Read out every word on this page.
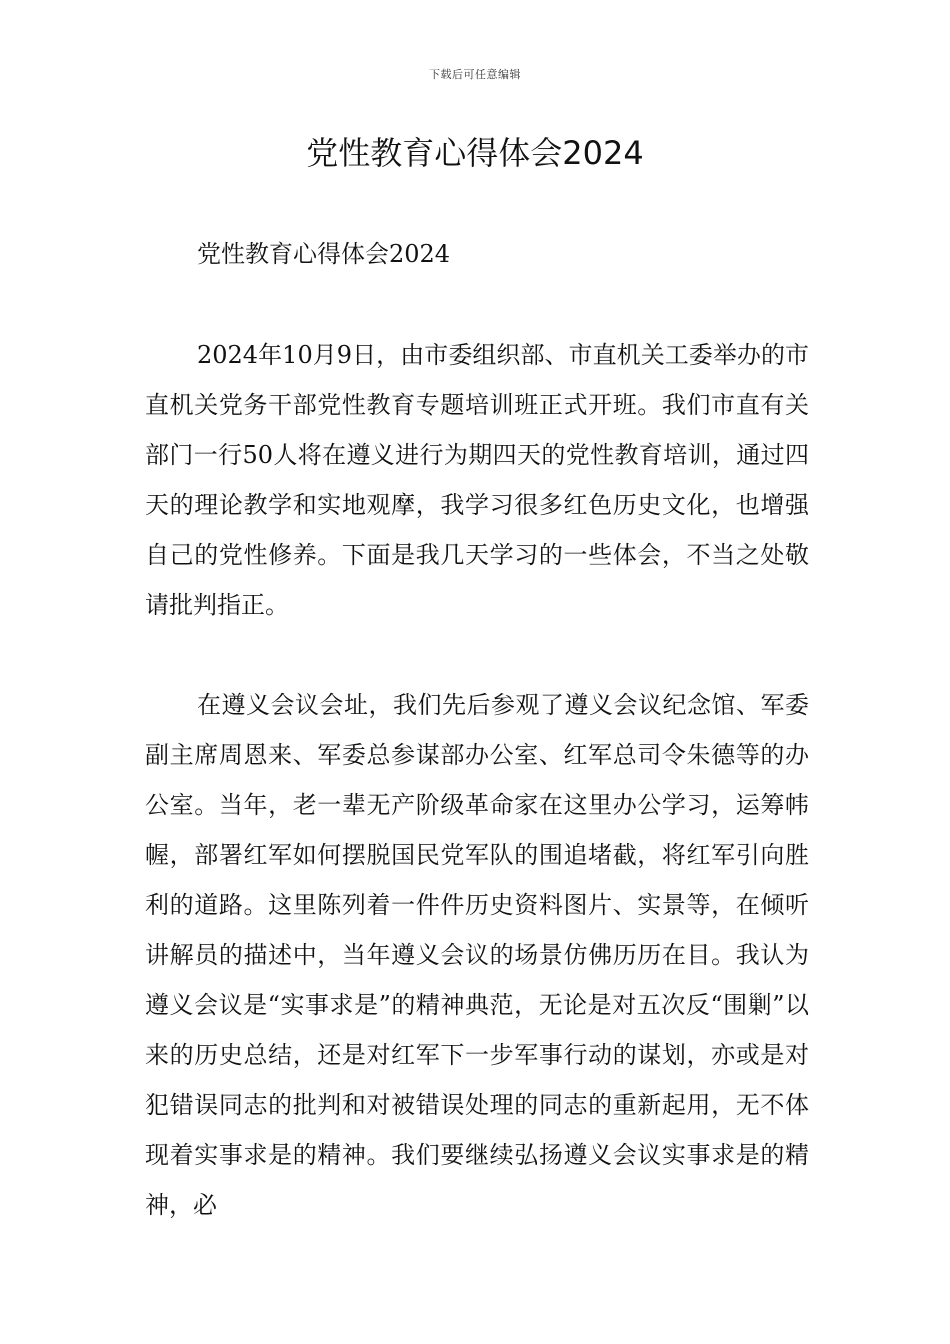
下载后可任意编辑
党性教育心得体会2024

党性教育心得体会2024

2024年10月9日，由市委组织部、市直机关工委举办的市直机关党务干部党性教育专题培训班正式开班。我们市直有关部门一行50人将在遵义进行为期四天的党性教育培训，通过四天的理论教学和实地观摩，我学习很多红色历史文化，也增强自己的党性修养。下面是我几天学习的一些体会，不当之处敬请批判指正。

在遵义会议会址，我们先后参观了遵义会议纪念馆、军委副主席周恩来、军委总参谋部办公室、红军总司令朱德等的办公室。当年，老一辈无产阶级革命家在这里办公学习，运筹帏幄，部署红军如何摆脱国民党军队的围追堵截，将红军引向胜利的道路。这里陈列着一件件历史资料图片、实景等，在倾听讲解员的描述中，当年遵义会议的场景仿佛历历在目。我认为遵义会议是“实事求是”的精神典范，无论是对五次反“围剿”以来的历史总结，还是对红军下一步军事行动的谋划，亦或是对犯错误同志的批判和对被错误处理的同志的重新起用，无不体现着实事求是的精神。我们要继续弘扬遵义会议实事求是的精神，必
